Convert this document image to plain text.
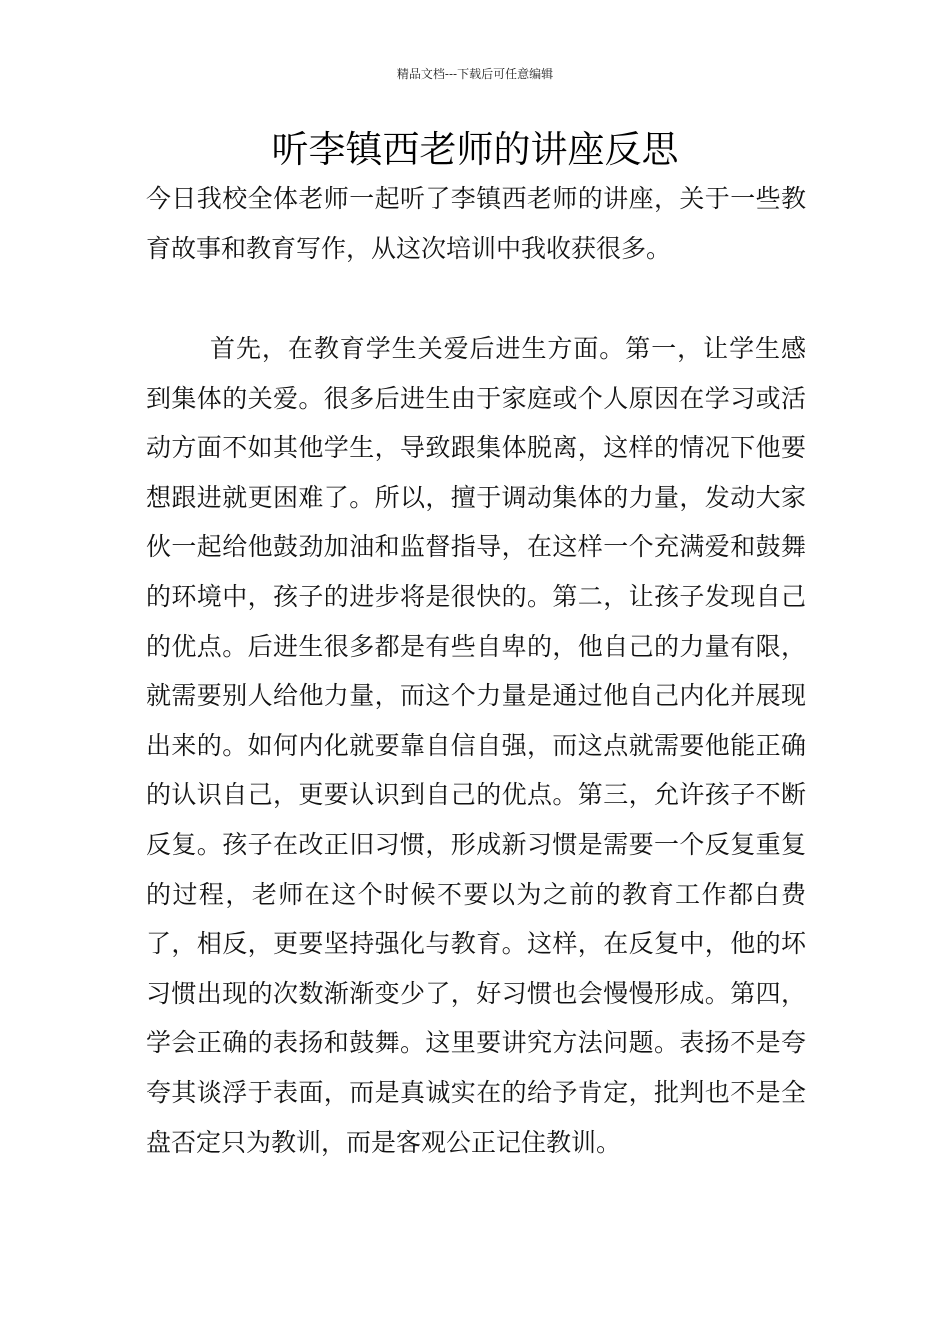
精品文档---下载后可任意编辑
听李镇西老师的讲座反思

今日我校全体老师一起听了李镇西老师的讲座，关于一些教育故事和教育写作，从这次培训中我收获很多。

首先，在教育学生关爱后进生方面。第一，让学生感到集体的关爱。很多后进生由于家庭或个人原因在学习或活动方面不如其他学生，导致跟集体脱离，这样的情况下他要想跟进就更困难了。所以，擅于调动集体的力量，发动大家伙一起给他鼓劲加油和监督指导，在这样一个充满爱和鼓舞的环境中，孩子的进步将是很快的。第二，让孩子发现自己的优点。后进生很多都是有些自卑的，他自己的力量有限，就需要别人给他力量，而这个力量是通过他自己内化并展现出来的。如何内化就要靠自信自强，而这点就需要他能正确的认识自己，更要认识到自己的优点。第三，允许孩子不断反复。孩子在改正旧习惯，形成新习惯是需要一个反复重复的过程，老师在这个时候不要以为之前的教育工作都白费了，相反，更要坚持强化与教育。这样，在反复中，他的坏习惯出现的次数渐渐变少了，好习惯也会慢慢形成。第四，学会正确的表扬和鼓舞。这里要讲究方法问题。表扬不是夸夸其谈浮于表面，而是真诚实在的给予肯定，批判也不是全盘否定只为教训，而是客观公正记住教训。
